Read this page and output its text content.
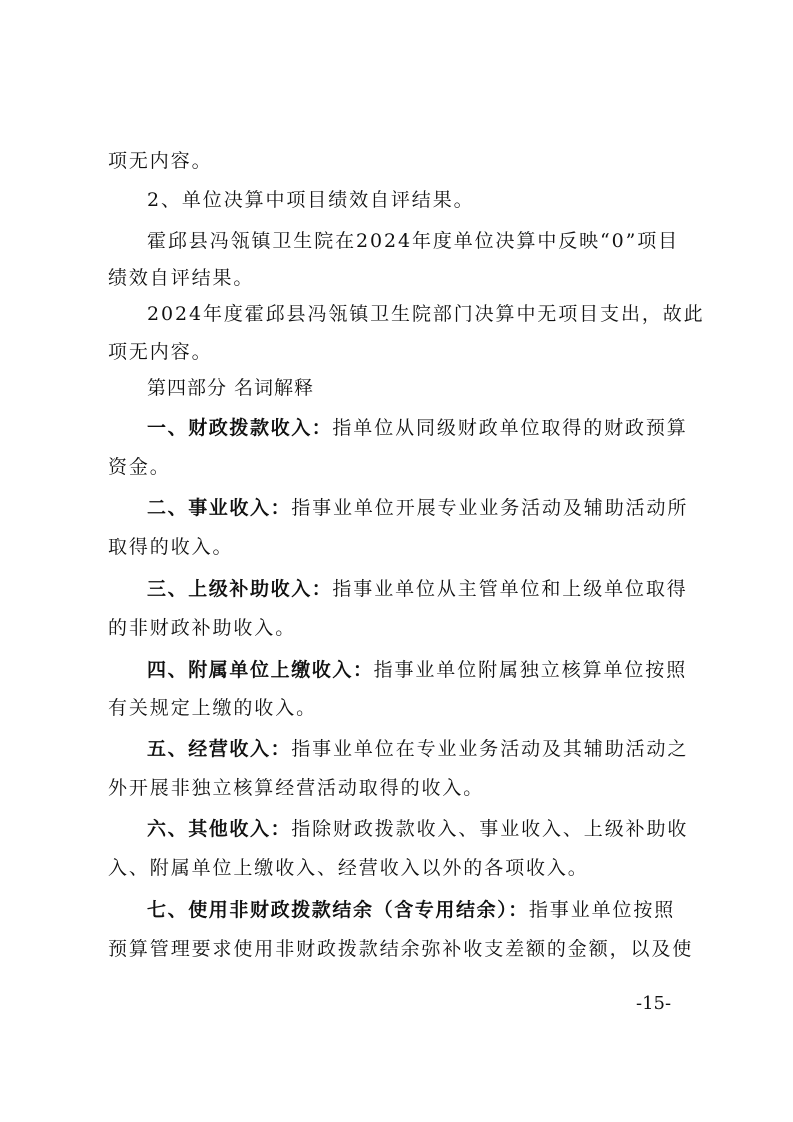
项无内容。
2、单位决算中项目绩效自评结果。
霍邱县冯瓴镇卫生院在2024年度单位决算中反映“0”项目
绩效自评结果。
2024年度霍邱县冯瓴镇卫生院部门决算中无项目支出，故此
项无内容。
第四部分 名词解释
一、财政拨款收入：指单位从同级财政单位取得的财政预算
资金。
二、事业收入：指事业单位开展专业业务活动及辅助活动所
取得的收入。
三、上级补助收入：指事业单位从主管单位和上级单位取得
的非财政补助收入。
四、附属单位上缴收入：指事业单位附属独立核算单位按照
有关规定上缴的收入。
五、经营收入：指事业单位在专业业务活动及其辅助活动之
外开展非独立核算经营活动取得的收入。
六、其他收入：指除财政拨款收入、事业收入、上级补助收
入、附属单位上缴收入、经营收入以外的各项收入。
七、使用非财政拨款结余（含专用结余）：指事业单位按照
预算管理要求使用非财政拨款结余弥补收支差额的金额，以及使
-15-
